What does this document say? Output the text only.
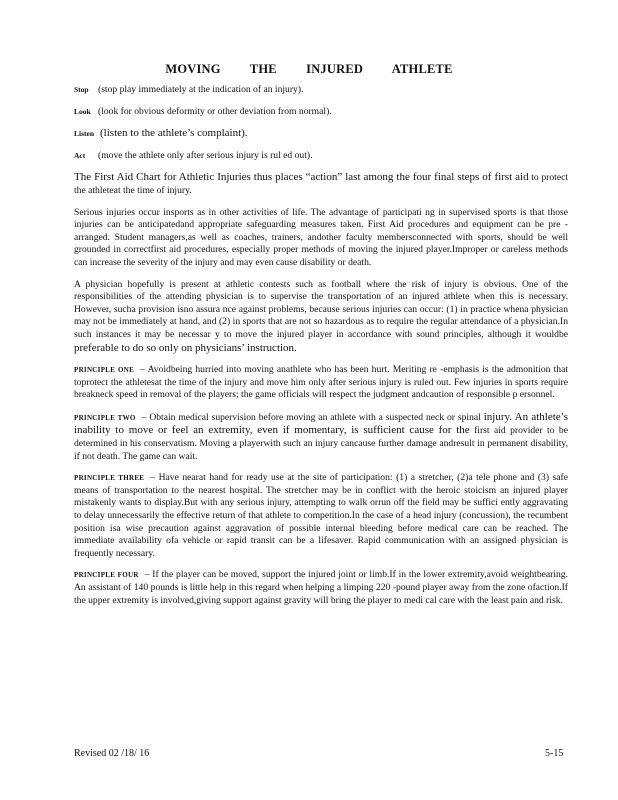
MOVING THE INJURED ATHLETE
Stop (stop play immediately at the indication of an injury).
Look (look for obvious deformity or other deviation from normal).
Listen (listen to the athlete’s complaint).
Act (move the athlete only after serious injury is rul ed out).

The First Aid Chart for Athletic Injuries thus places “action” last among the four final steps of first aid to protect the athleteat the time of injury.

Serious injuries occur insports as in other activities of life. The advantage of participati ng in supervised sports is that those injuries can be anticipatedand appropriate safeguarding measures taken. First Aid procedures and equipment can be pre -arranged. Student managers,as well as coaches, trainers, andother faculty membersconnected with sports, should be well grounded in correctfirst aid procedures, especially proper methods of moving the injured player.Improper or careless methods can increase the severity of the injury and may even cause disability or death.

A physician hopefully is present at athletic contests such as football where the risk of injury is obvious. One of the responsibilities of the attending physician is to supervise the transportation of an injured athlete when this is necessary. However, sucha provision isno assura nce against problems, because serious injuries can occur: (1) in practice whena physician may not be immediately at hand, and (2) in sports that are not so hazardous as to require the regular attendance of a physician.In such instances it may be necessar y to move the injured player in accordance with sound principles, although it wouldbe preferable to do so only on physicians’ instruction.

PRINCIPLE ONE – Avoidbeing hurried into moving anathlete who has been hurt. Meriting re -emphasis is the admonition that toprotect the athletesat the time of the injury and move him only after serious injury is ruled out. Few injuries in sports require breakneck speed in removal of the players; the game officials will respect the judgment andcaution of responsible p ersonnel.

PRINCIPLE TWO – Obtain medical supervision before moving an athlete with a suspected neck or spinal injury. An athlete’s inability to move or feel an extremity, even if momentary, is sufficient cause for the first aid provider to be determined in his conservatism. Moving a playerwith such an injury cancause further damage andresult in permanent disability, if not death. The game can wait.

PRINCIPLE THREE – Have nearat hand for ready use at the site of participation: (1) a stretcher, (2)a tele phone and (3) safe means of transportation to the nearest hospital. The stretcher may be in conflict with the heroic stoicism an injured player mistakenly wants to display.But with any serious injury, attempting to walk orrun off the field may be suffici ently aggravating to delay unnecessarily the effective return of that athlete to competition.In the case of a head injury (concussion), the recumbent position isa wise precaution against aggravation of possible internal bleeding before medical care can be reached. The immediate availability ofa vehicle or rapid transit can be a lifesaver. Rapid communication with an assigned physician is frequently necessary.

PRINCIPLE FOUR – If the player can be moved, support the injured joint or limb.If in the lower extremity,avoid weightbearing. An assistant of 140 pounds is little help in this regard when helping a limping 220 -pound player away from the zone ofaction.If the upper extremity is involved,giving support against gravity will bring the player to medi cal care with the least pain and risk.

Revised 02 /18/ 16	5-15
